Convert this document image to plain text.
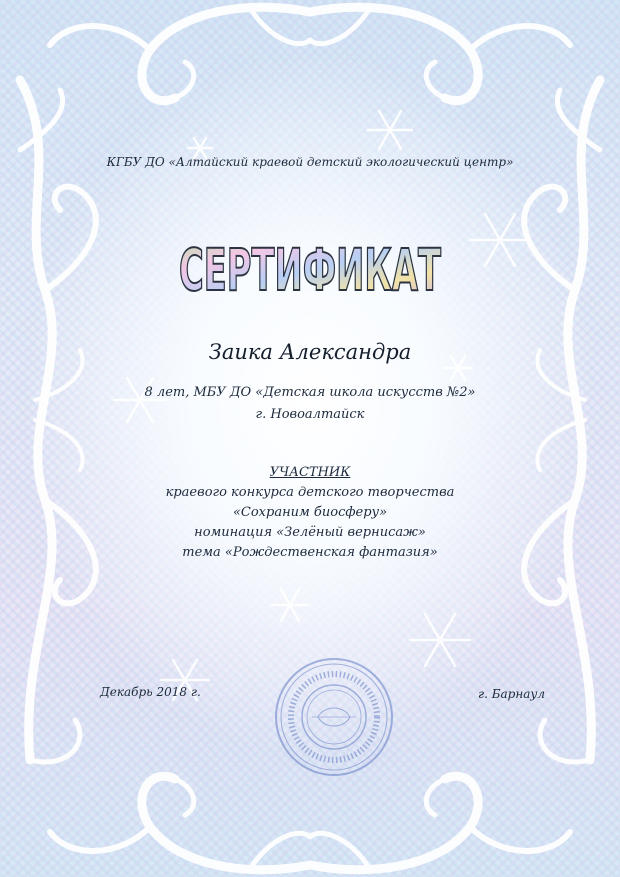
КГБУ ДО «Алтайский краевой детский экологический центр»
СЕРТИФИКАТ
Заика Александра
8 лет, МБУ ДО «Детская школа искусств №2»
г. Новоалтайск
УЧАСТНИК
краевого конкурса детского творчества
«Сохраним биосферу»
номинация «Зелёный вернисаж»
тема «Рождественская фантазия»
Декабрь 2018 г.	г. Барнаул
